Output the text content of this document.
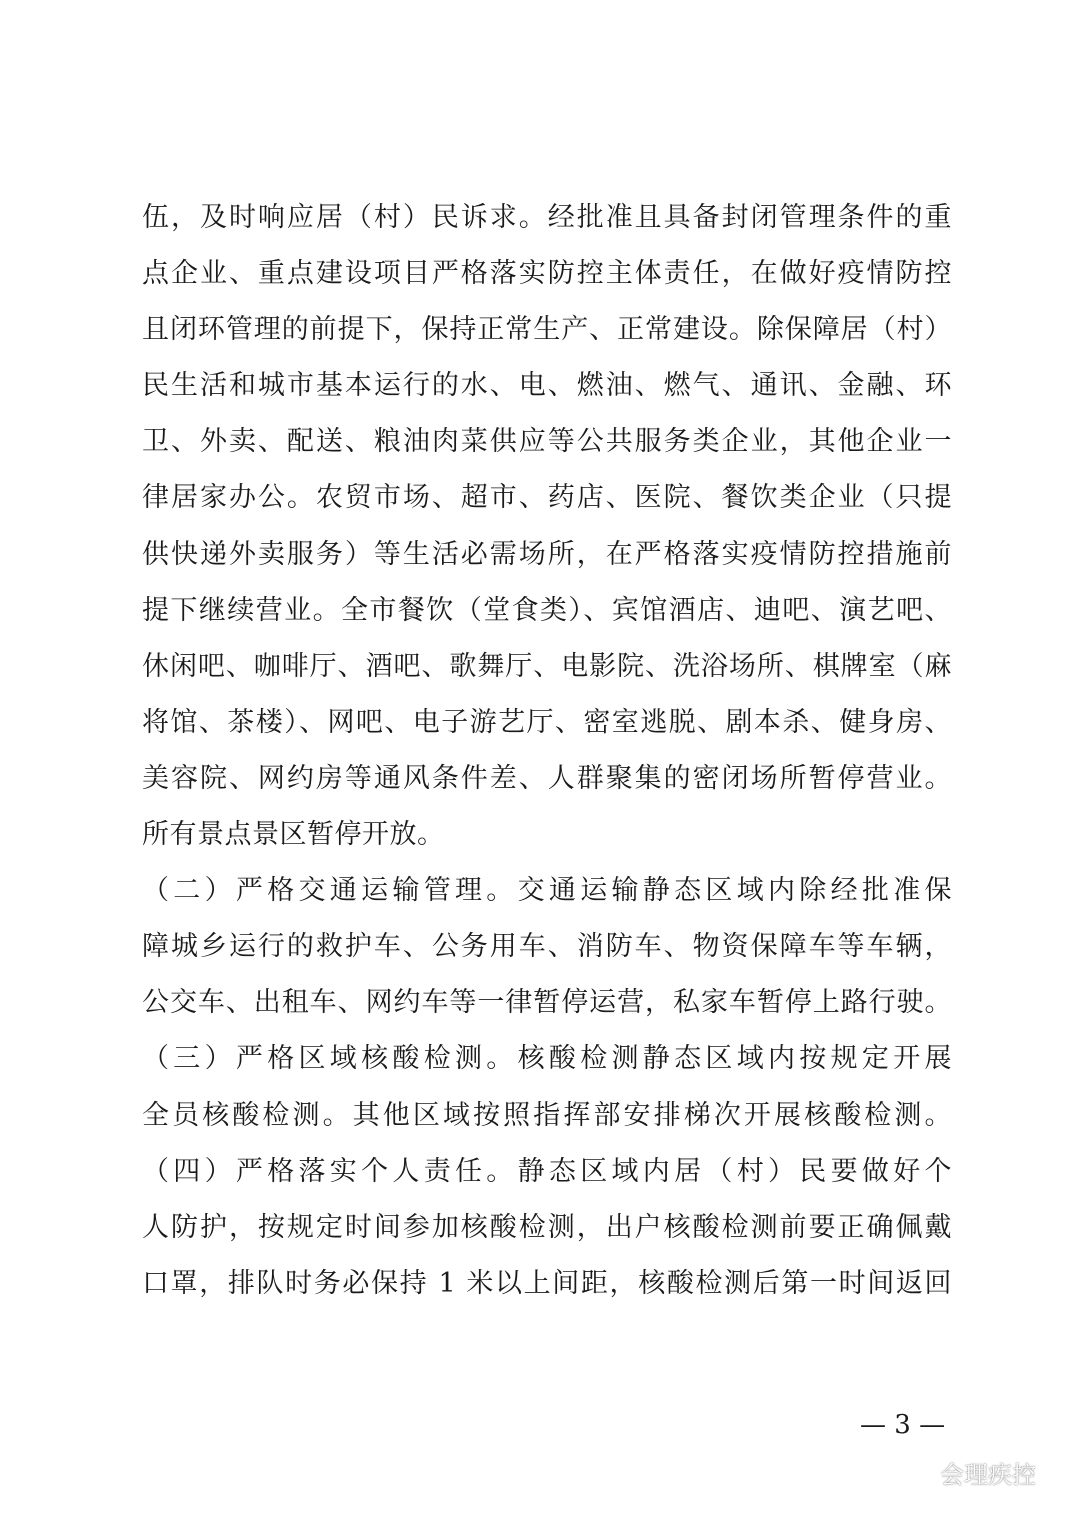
伍，及时响应居（村）民诉求。经批准且具备封闭管理条件的重
点企业、重点建设项目严格落实防控主体责任，在做好疫情防控
且闭环管理的前提下，保持正常生产、正常建设。除保障居（村）
民生活和城市基本运行的水、电、燃油、燃气、通讯、金融、环
卫、外卖、配送、粮油肉菜供应等公共服务类企业，其他企业一
律居家办公。农贸市场、超市、药店、医院、餐饮类企业（只提
供快递外卖服务）等生活必需场所，在严格落实疫情防控措施前
提下继续营业。全市餐饮（堂食类）、宾馆酒店、迪吧、演艺吧、
休闲吧、咖啡厅、酒吧、歌舞厅、电影院、洗浴场所、棋牌室（麻
将馆、茶楼）、网吧、电子游艺厅、密室逃脱、剧本杀、健身房、
美容院、网约房等通风条件差、人群聚集的密闭场所暂停营业。
所有景点景区暂停开放。
（二）严格交通运输管理。交通运输静态区域内除经批准保
障城乡运行的救护车、公务用车、消防车、物资保障车等车辆，
公交车、出租车、网约车等一律暂停运营，私家车暂停上路行驶。
（三）严格区域核酸检测。核酸检测静态区域内按规定开展
全员核酸检测。其他区域按照指挥部安排梯次开展核酸检测。
（四）严格落实个人责任。静态区域内居（村）民要做好个
人防护，按规定时间参加核酸检测，出户核酸检测前要正确佩戴
口罩，排队时务必保持 1 米以上间距，核酸检测后第一时间返回
— 3 —
会理疾控
